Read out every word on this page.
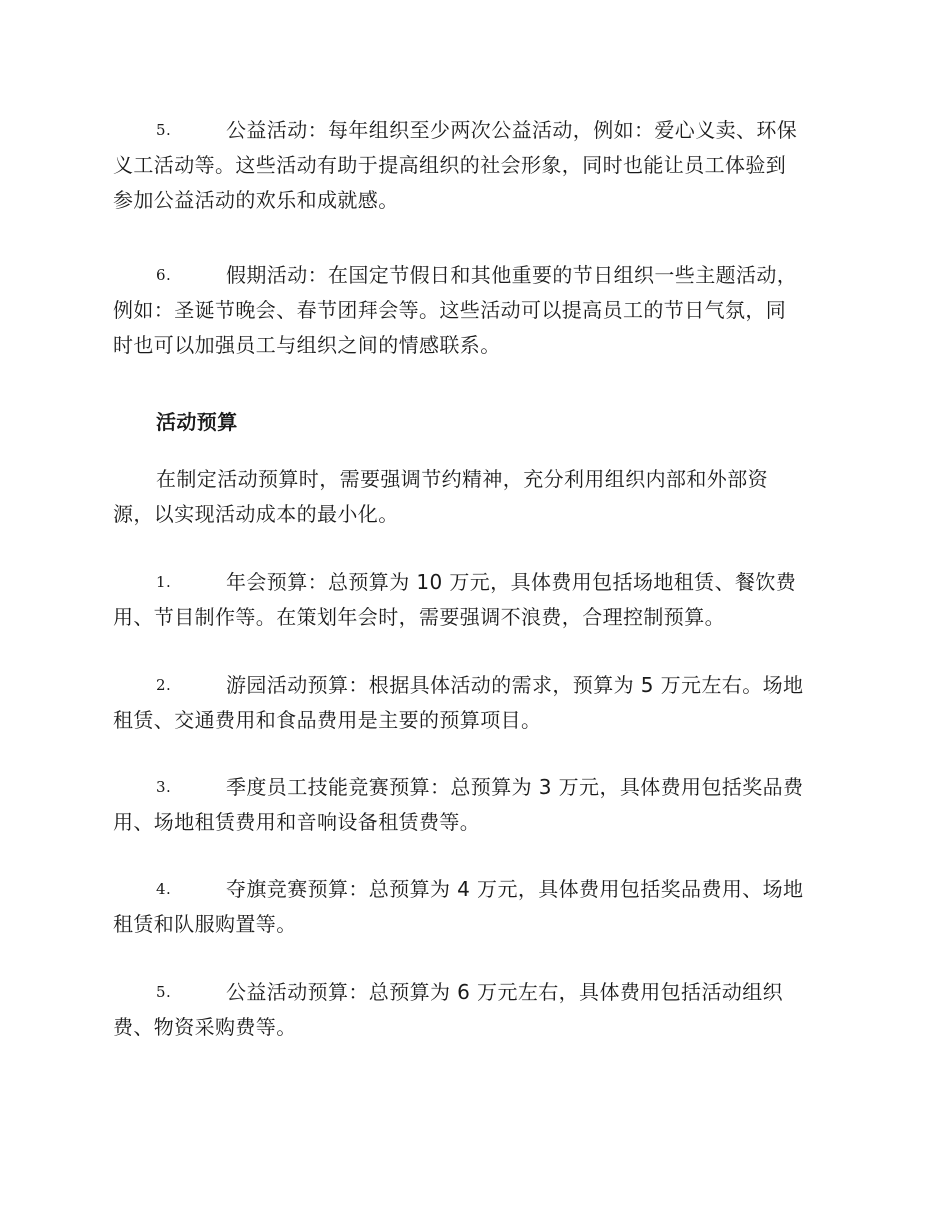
5.	公益活动：每年组织至少两次公益活动，例如：爱心义卖、环保
义工活动等。这些活动有助于提高组织的社会形象，同时也能让员工体验到
参加公益活动的欢乐和成就感。
6.	假期活动：在国定节假日和其他重要的节日组织一些主题活动，
例如：圣诞节晚会、春节团拜会等。这些活动可以提高员工的节日气氛，同
时也可以加强员工与组织之间的情感联系。
活动预算
在制定活动预算时，需要强调节约精神，充分利用组织内部和外部资
源，以实现活动成本的最小化。
1.	年会预算：总预算为 10 万元，具体费用包括场地租赁、餐饮费
用、节目制作等。在策划年会时，需要强调不浪费，合理控制预算。
2.	游园活动预算：根据具体活动的需求，预算为 5 万元左右。场地
租赁、交通费用和食品费用是主要的预算项目。
3.	季度员工技能竞赛预算：总预算为 3 万元，具体费用包括奖品费
用、场地租赁费用和音响设备租赁费等。
4.	夺旗竞赛预算：总预算为 4 万元，具体费用包括奖品费用、场地
租赁和队服购置等。
5.	公益活动预算：总预算为 6 万元左右，具体费用包括活动组织
费、物资采购费等。
